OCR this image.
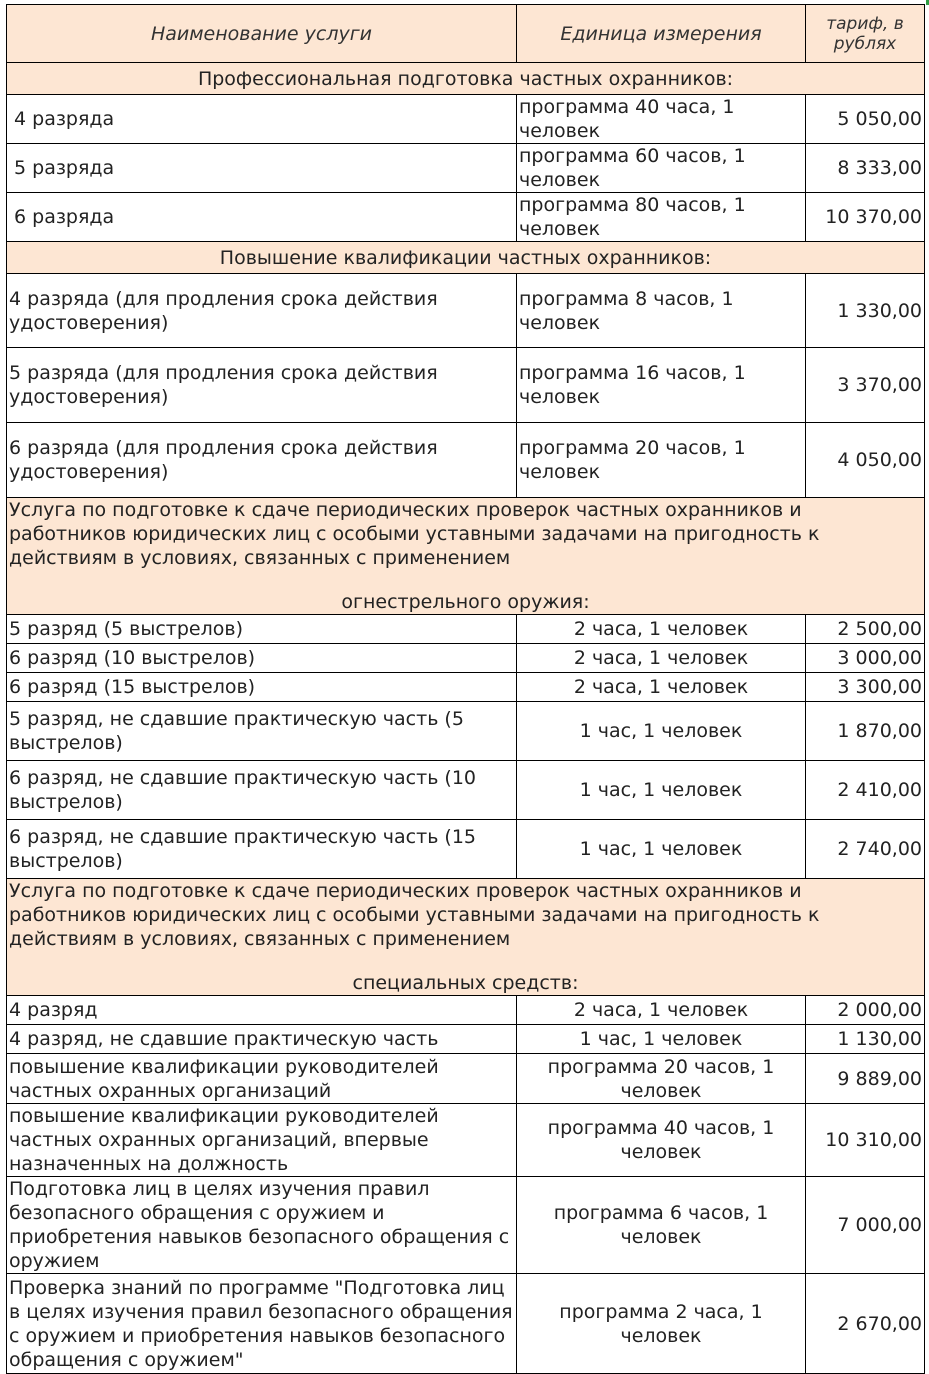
Наименование услуги	Единица измерения	тариф, в рублях
Профессиональная подготовка частных охранников:		
4 разряда	программа 40 часа, 1 человек	5 050,00
5 разряда	программа 60 часов, 1 человек	8 333,00
6 разряда	программа 80 часов, 1 человек	10 370,00
Повышение квалификации частных охранников:		
4 разряда (для продления срока действия удостоверения)	программа 8 часов, 1 человек	1 330,00
5 разряда (для продления срока действия удостоверения)	программа 16 часов, 1 человек	3 370,00
6 разряда (для продления срока действия удостоверения)	программа 20 часов, 1 человек	4 050,00
Услуга по подготовке к сдаче периодических проверок частных охранников и работников юридических лиц с особыми уставными задачами на пригодность к действиям в условиях, связанных с применением
огнестрельного оружия:		

5 разряд (5 выстрелов)	2 часа, 1 человек	2 500,00
6 разряд (10 выстрелов)	2 часа, 1 человек	3 000,00
6 разряд (15 выстрелов)	2 часа, 1 человек	3 300,00
5 разряд, не сдавшие практическую часть (5 выстрелов)	1 час, 1 человек	1 870,00
6 разряд, не сдавшие практическую часть (10 выстрелов)	1 час, 1 человек	2 410,00
6 разряд, не сдавшие практическую часть (15 выстрелов)	1 час, 1 человек	2 740,00
Услуга по подготовке к сдаче периодических проверок частных охранников и работников юридических лиц с особыми уставными задачами на пригодность к действиям в условиях, связанных с применением
специальных средств:		

4 разряд	2 часа, 1 человек	2 000,00
4 разряд, не сдавшие практическую часть	1 час, 1 человек	1 130,00
повышение квалификации руководителей частных охранных организаций	программа 20 часов, 1 человек	9 889,00
повышение квалификации руководителей частных охранных организаций, впервые назначенных на должность	программа 40 часов, 1 человек	10 310,00
Подготовка лиц в целях изучения правил безопасного обращения с оружием и приобретения навыков безопасного обращения с оружием	программа 6 часов, 1 человек	7 000,00
Проверка знаний по программе "Подготовка лиц в целях изучения правил безопасного обращения с оружием и приобретения навыков безопасного обращения с оружием"	программа 2 часа, 1 человек	2 670,00
